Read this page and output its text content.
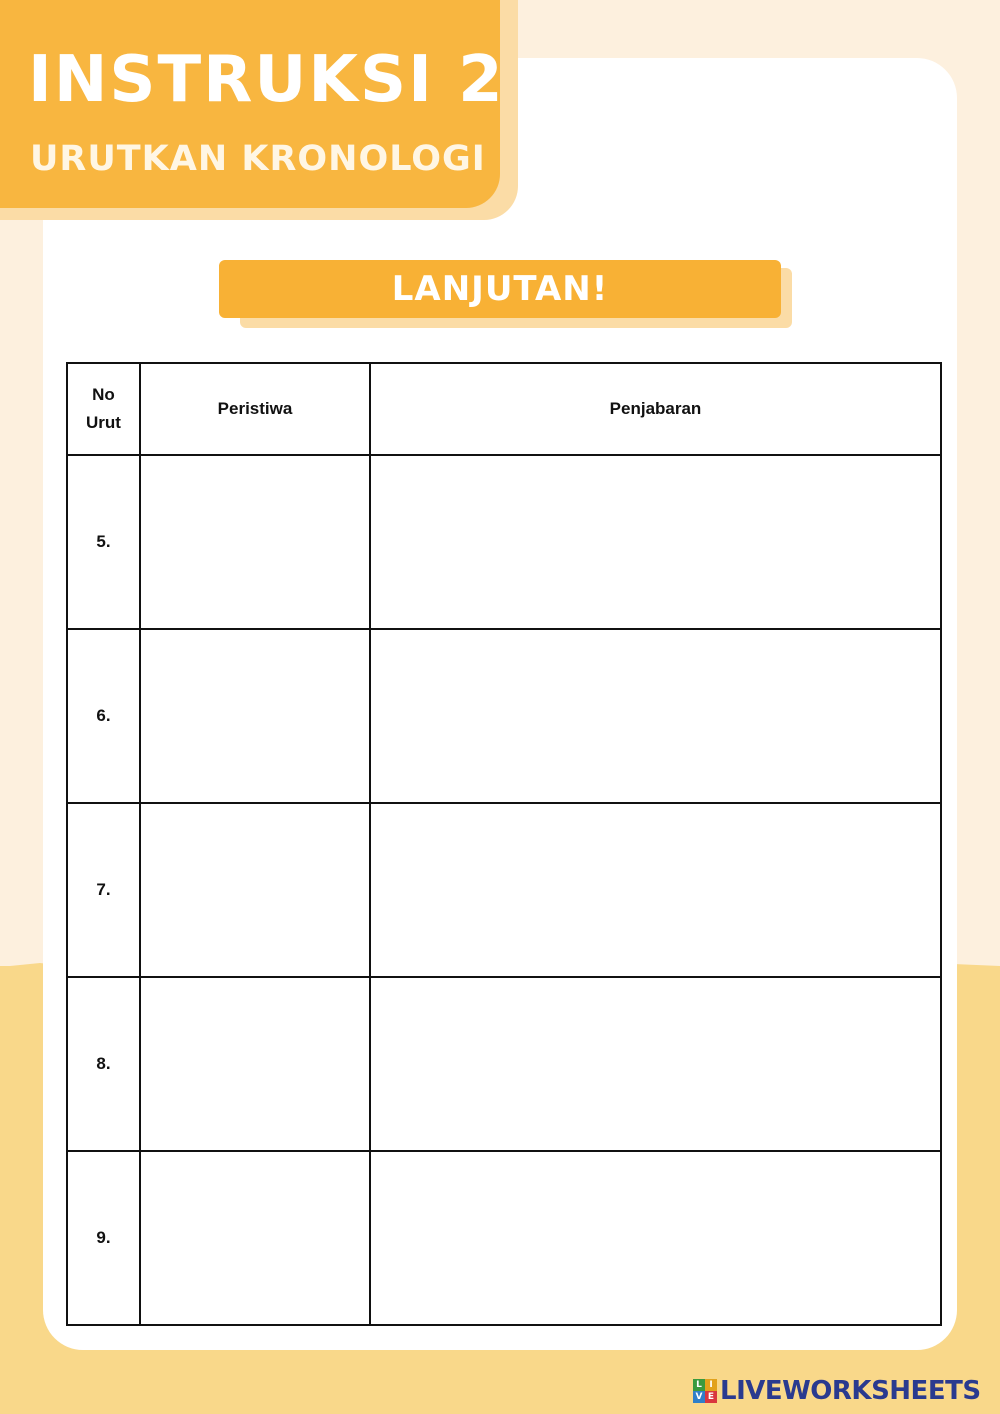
INSTRUKSI 2
URUTKAN KRONOLOGI
LANJUTAN!
No
Urut	Peristiwa	Penjabaran
5.		
6.		
7.		
8.		
9.		
L I
V E LIVEWORKSHEETS
